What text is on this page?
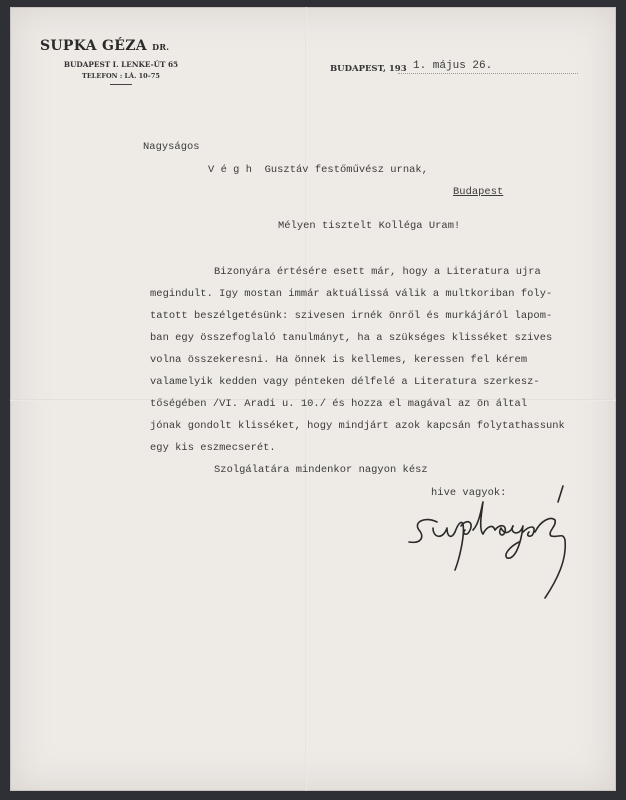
SUPKA GÉZA DR.
BUDAPEST I. LENKE-ÚT 65
TELEFON : LÁ. 10–75
BUDAPEST, 193 1. május 26.
Nagyságos
V é g h  Gusztáv festőművész urnak,
Budapest
Mélyen tisztelt Kolléga Uram!
Bizonyára értésére esett már, hogy a Literatura ujra
megindult. Igy mostan immár aktuálissá válik a multkoriban foly-
tatott beszélgetésünk: szivesen irnék önről és murkájáról lapom-
ban egy összefoglaló tanulmányt, ha a szükséges klisséket szives
volna összekeresni. Ha önnek is kellemes, keressen fel kérem
valamelyik kedden vagy pénteken délfelé a Literatura szerkesz-
tőségében /VI. Aradi u. 10./ és hozza el magával az ön által
jónak gondolt klisséket, hogy mindjárt azok kapcsán folytathassunk
egy kis eszmecserét.
Szolgálatára mindenkor nagyon kész
hive vagyok:
